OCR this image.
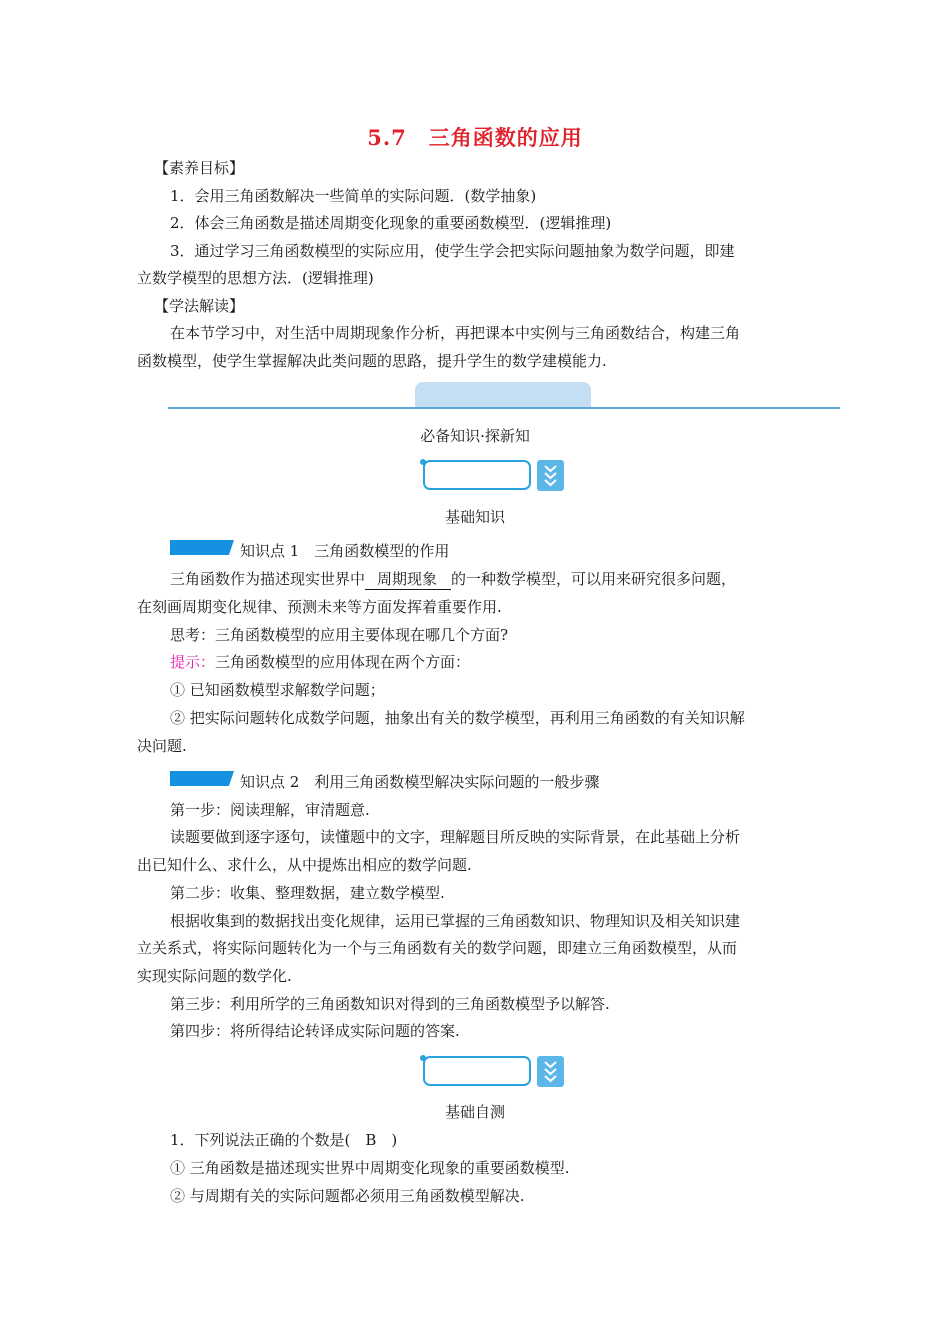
5.7 三角函数的应用
【素养目标】
1．会用三角函数解决一些简单的实际问题．(数学抽象)
2．体会三角函数是描述周期变化现象的重要函数模型．(逻辑推理)
3．通过学习三角函数模型的实际应用，使学生学会把实际问题抽象为数学问题，即建
立数学模型的思想方法．(逻辑推理)
【学法解读】
在本节学习中，对生活中周期现象作分析，再把课本中实例与三角函数结合，构建三角
函数模型，使学生掌握解决此类问题的思路，提升学生的数学建模能力.
必备知识·探新知
基础知识
知识点 1　三角函数模型的作用
三角函数作为描述现实世界中 周期现象 的一种数学模型，可以用来研究很多问题，
在刻画周期变化规律、预测未来等方面发挥着重要作用.
思考：三角函数模型的应用主要体现在哪几个方面?
提示：三角函数模型的应用体现在两个方面：
① 已知函数模型求解数学问题；
② 把实际问题转化成数学问题，抽象出有关的数学模型，再利用三角函数的有关知识解
决问题.
知识点 2　利用三角函数模型解决实际问题的一般步骤
第一步：阅读理解，审清题意.
读题要做到逐字逐句，读懂题中的文字，理解题目所反映的实际背景，在此基础上分析
出已知什么、求什么，从中提炼出相应的数学问题.
第二步：收集、整理数据，建立数学模型.
根据收集到的数据找出变化规律，运用已掌握的三角函数知识、物理知识及相关知识建
立关系式，将实际问题转化为一个与三角函数有关的数学问题，即建立三角函数模型，从而
实现实际问题的数学化.
第三步：利用所学的三角函数知识对得到的三角函数模型予以解答.
第四步：将所得结论转译成实际问题的答案.
基础自测
1．下列说法正确的个数是(　B　)
① 三角函数是描述现实世界中周期变化现象的重要函数模型.
② 与周期有关的实际问题都必须用三角函数模型解决.
